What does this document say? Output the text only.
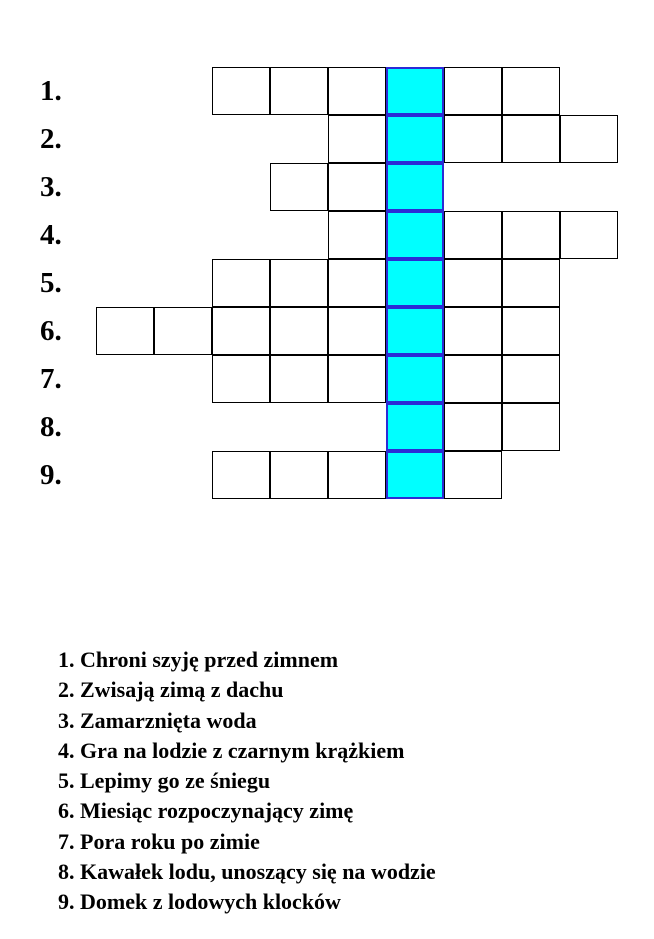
1.
2.
3.
4.
5.
6.
7.
8.
9.
1. Chroni szyję przed zimnem
2. Zwisają zimą z dachu
3. Zamarznięta woda
4. Gra na lodzie z czarnym krążkiem
5. Lepimy go ze śniegu
6. Miesiąc rozpoczynający zimę
7. Pora roku po zimie
8. Kawałek lodu, unoszący się na wodzie
9. Domek z lodowych klocków
